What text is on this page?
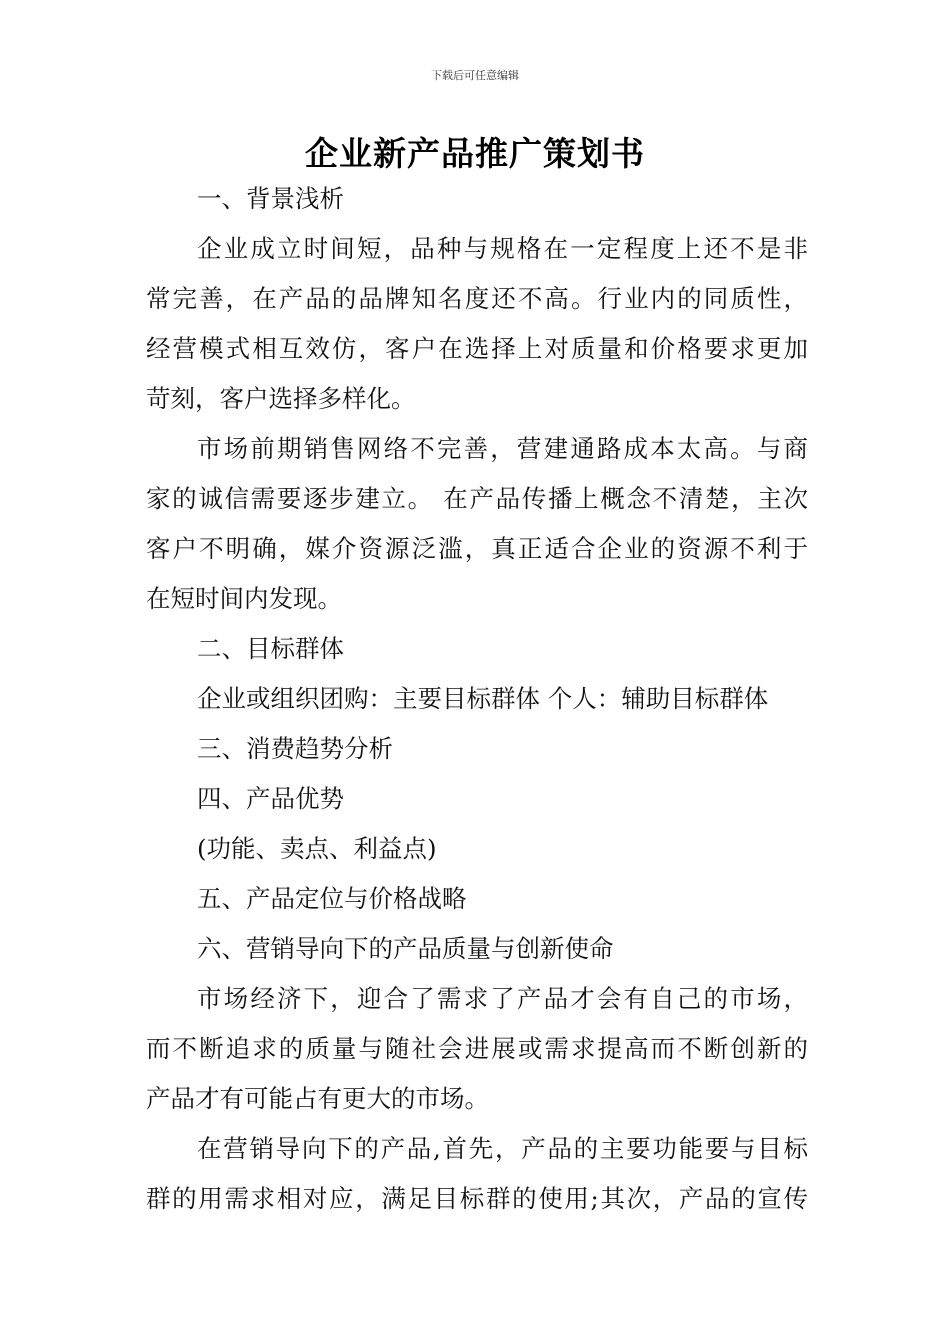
下载后可任意编辑
企业新产品推广策划书

一、背景浅析

企业成立时间短，品种与规格在一定程度上还不是非

常完善，在产品的品牌知名度还不高。行业内的同质性，

经营模式相互效仿，客户在选择上对质量和价格要求更加

苛刻，客户选择多样化。

市场前期销售网络不完善，营建通路成本太高。与商

家的诚信需要逐步建立。 在产品传播上概念不清楚，主次

客户不明确，媒介资源泛滥，真正适合企业的资源不利于

在短时间内发现。

二、目标群体

企业或组织团购：主要目标群体 个人：辅助目标群体

三、消费趋势分析

四、产品优势

(功能、卖点、利益点)

五、产品定位与价格战略

六、营销导向下的产品质量与创新使命

市场经济下，迎合了需求了产品才会有自己的市场，

而不断追求的质量与随社会进展或需求提高而不断创新的

产品才有可能占有更大的市场。

在营销导向下的产品,首先，产品的主要功能要与目标

群的用需求相对应，满足目标群的使用;其次，产品的宣传
